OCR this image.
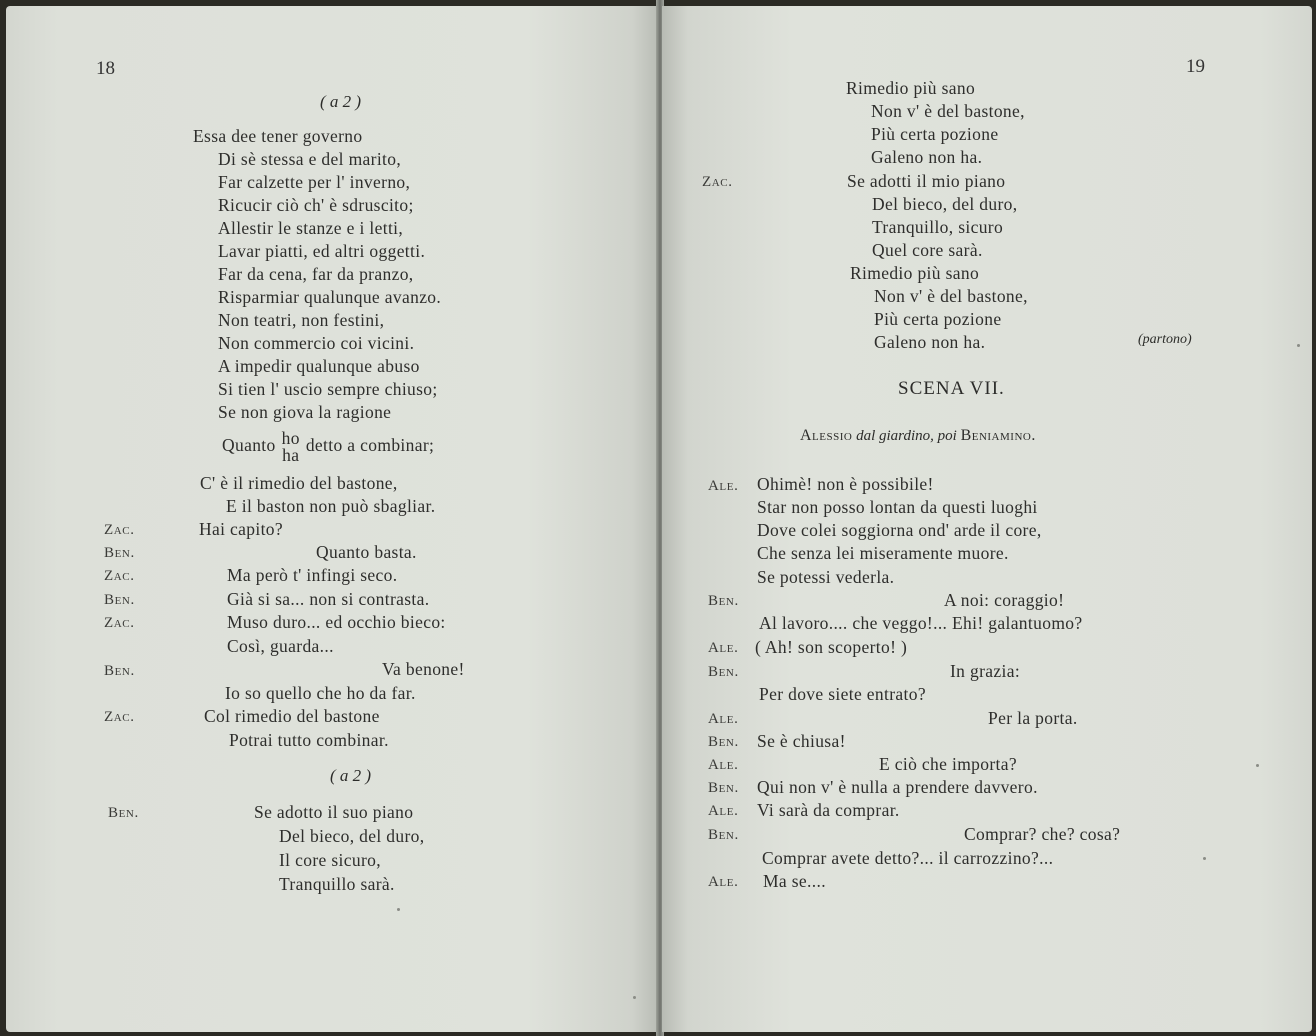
18
( a 2 )
Essa dee tener governo
Di sè stessa e del marito,
Far calzette per l' inverno,
Ricucir ciò ch' è sdruscito;
Allestir le stanze e i letti,
Lavar piatti, ed altri oggetti.
Far da cena, far da pranzo,
Risparmiar qualunque avanzo.
Non teatri, non festini,
Non commercio coi vicini.
A impedir qualunque abuso
Si tien l' uscio sempre chiuso;
Se non giova la ragione
Quanto ho
ha detto a combinar;
C' è il rimedio del bastone,
E il baston non può sbagliar.
Zac.	Hai capito?
Ben.	Quanto basta.
Zac.	Ma però t' infingi seco.
Ben.	Già si sa... non si contrasta.
Zac.	Muso duro... ed occhio bieco:
Così, guarda...
Ben.	Va benone!
Io so quello che ho da far.
Zac.	Col rimedio del bastone
Potrai tutto combinar.
( a 2 )
Ben.	Se adotto il suo piano
Del bieco, del duro,
Il core sicuro,
Tranquillo sarà.
19
Rimedio più sano
Non v' è del bastone,
Più certa pozione
Galeno non ha.
Zac.	Se adotti il mio piano
Del bieco, del duro,
Tranquillo, sicuro
Quel core sarà.
Rimedio più sano
Non v' è del bastone,
Più certa pozione
Galeno non ha.	(partono)
SCENA VII.
Alessio dal giardino, poi Beniamino.
Ale. Ohimè! non è possibile!
Star non posso lontan da questi luoghi
Dove colei soggiorna ond' arde il core,
Che senza lei miseramente muore.
Se potessi vederla.
Ben.	A noi: coraggio!
Al lavoro.... che veggo!... Ehi! galantuomo?
Ale. ( Ah! son scoperto! )
Ben.	In grazia:
Per dove siete entrato?
Ale.	Per la porta.
Ben. Se è chiusa!
Ale.	E ciò che importa?
Ben. Qui non v' è nulla a prendere davvero.
Ale. Vi sarà da comprar.
Ben.	Comprar? che? cosa?
Comprar avete detto?... il carrozzino?...
Ale. Ma se....
